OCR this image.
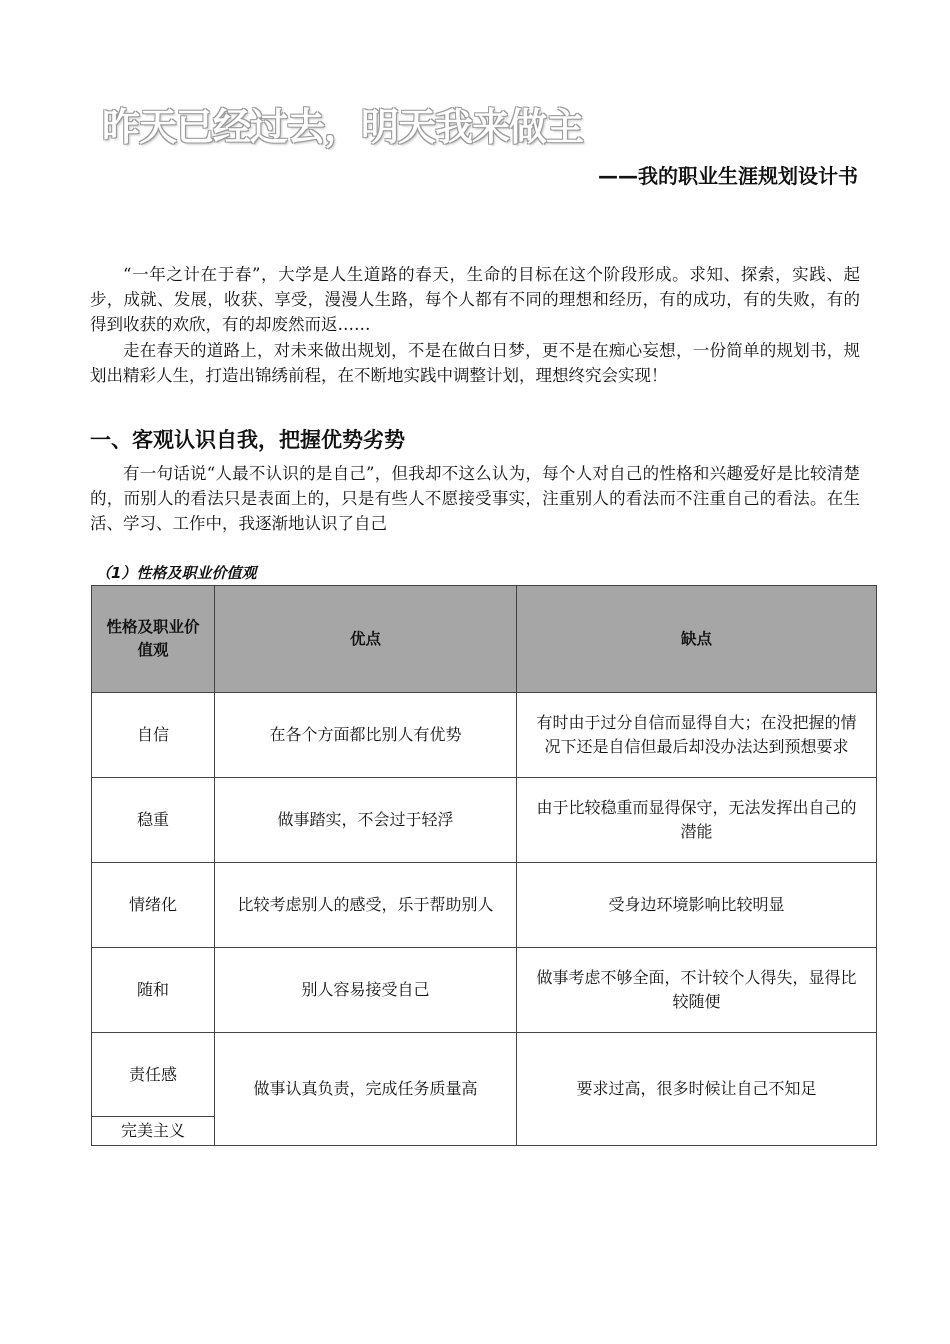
昨天已经过去，明天我来做主
——我的职业生涯规划设计书

“一年之计在于春”，大学是人生道路的春天，生命的目标在这个阶段形成。求知、探索，实践、起步，成就、发展，收获、享受，漫漫人生路，每个人都有不同的理想和经历，有的成功，有的失败，有的得到收获的欢欣，有的却废然而返……

走在春天的道路上，对未来做出规划，不是在做白日梦，更不是在痴心妄想，一份简单的规划书，规划出精彩人生，打造出锦绣前程，在不断地实践中调整计划，理想终究会实现！

一、客观认识自我，把握优势劣势

有一句话说“人最不认识的是自己”，但我却不这么认为，每个人对自己的性格和兴趣爱好是比较清楚的，而别人的看法只是表面上的，只是有些人不愿接受事实，注重别人的看法而不注重自己的看法。在生活、学习、工作中，我逐渐地认识了自己

（1）性格及职业价值观
性格及职业价值观	优点	缺点
自信	在各个方面都比别人有优势	有时由于过分自信而显得自大；在没把握的情况下还是自信但最后却没办法达到预想要求
稳重	做事踏实，不会过于轻浮	由于比较稳重而显得保守，无法发挥出自己的潜能
情绪化	比较考虑别人的感受，乐于帮助别人	受身边环境影响比较明显
随和	别人容易接受自己	做事考虑不够全面，不计较个人得失，显得比较随便
责任感	做事认真负责，完成任务质量高	要求过高，很多时候让自己不知足
完美主义		
